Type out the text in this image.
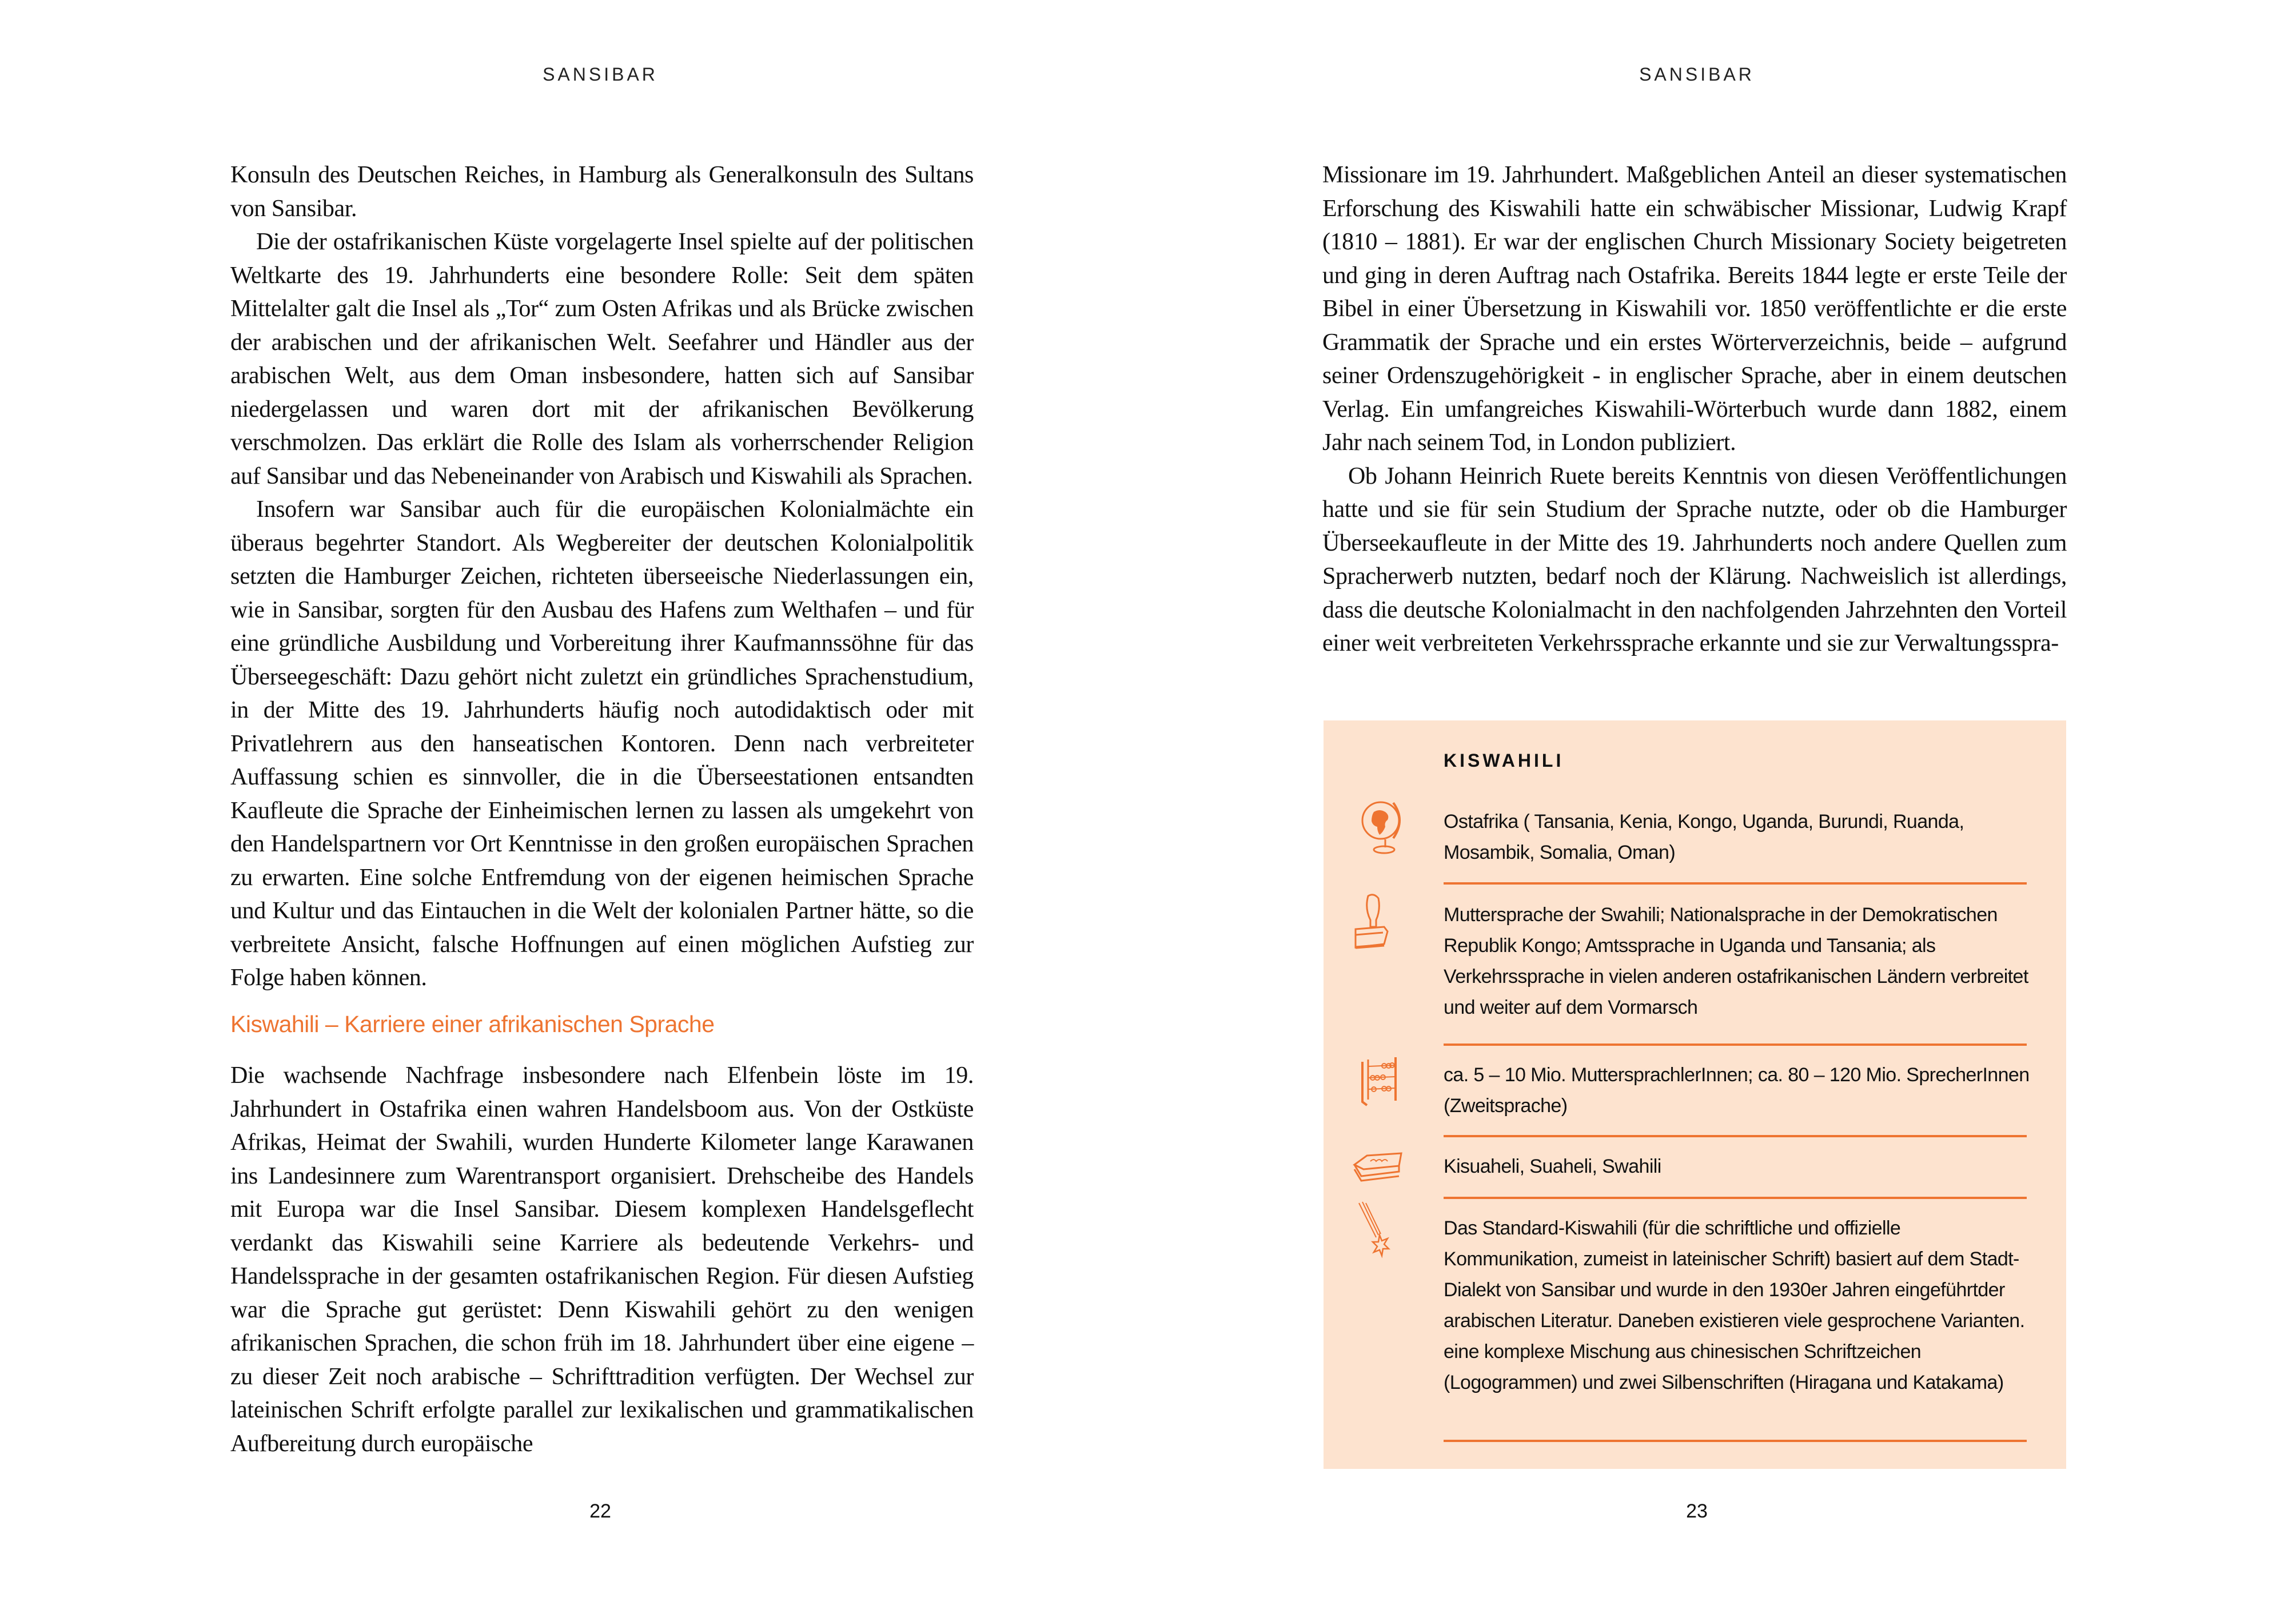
SANSIBAR

Konsuln des Deutschen Reiches, in Hamburg als Generalkonsuln des Sultans von Sansibar.

Die der ostafrikanischen Küste vorgelagerte Insel spielte auf der politischen Weltkarte des 19. Jahrhunderts eine besondere Rolle: Seit dem späten Mittelalter galt die Insel als „Tor“ zum Osten Afrikas und als Brücke zwischen der arabischen und der afrikanischen Welt. Seefahrer und Händler aus der arabischen Welt, aus dem Oman insbesondere, hatten sich auf Sansibar niedergelassen und waren dort mit der afrikanischen Bevölkerung verschmolzen. Das erklärt die Rolle des Islam als vorherrschender Religion auf Sansibar und das Nebeneinander von Arabisch und Kiswahili als Sprachen.

Insofern war Sansibar auch für die europäischen Kolonialmächte ein überaus begehrter Standort. Als Wegbereiter der deutschen Kolonialpolitik setzten die Hamburger Zeichen, richteten überseeische Niederlassungen ein, wie in Sansibar, sorgten für den Ausbau des Hafens zum Welthafen – und für eine gründliche Ausbildung und Vorbereitung ihrer Kaufmannssöhne für das Überseegeschäft: Dazu gehört nicht zuletzt ein gründliches Sprachenstudium, in der Mitte des 19. Jahrhunderts häufig noch autodidaktisch oder mit Privatlehrern aus den hanseatischen Kontoren. Denn nach verbreiteter Auffassung schien es sinnvoller, die in die Überseestationen entsandten Kaufleute die Sprache der Einheimischen lernen zu lassen als umgekehrt von den Handelspartnern vor Ort Kenntnisse in den großen europäischen Sprachen zu erwarten. Eine solche Entfremdung von der eigenen heimischen Sprache und Kultur und das Eintauchen in die Welt der kolonialen Partner hätte, so die verbreitete Ansicht, falsche Hoffnungen auf einen möglichen Aufstieg zur Folge haben können.

Kiswahili – Karriere einer afrikanischen Sprache

Die wachsende Nachfrage insbesondere nach Elfenbein löste im 19. Jahrhundert in Ostafrika einen wahren Handelsboom aus. Von der Ostküste Afrikas, Heimat der Swahili, wurden Hunderte Kilometer lange Karawanen ins Landesinnere zum Warentransport organisiert. Drehscheibe des Handels mit Europa war die Insel Sansibar. Diesem komplexen Handelsgeflecht verdankt das Kiswahili seine Karriere als bedeutende Verkehrs- und Handelssprache in der gesamten ostafrikanischen Region. Für diesen Aufstieg war die Sprache gut gerüstet: Denn Kiswahili gehört zu den wenigen afrikanischen Sprachen, die schon früh im 18. Jahrhundert über eine eigene – zu dieser Zeit noch arabische – Schrifttradition verfügten. Der Wechsel zur lateinischen Schrift erfolgte parallel zur lexikalischen und grammatikalischen Aufbereitung durch europäische

22
SANSIBAR

Missionare im 19. Jahrhundert. Maßgeblichen Anteil an dieser systematischen Erforschung des Kiswahili hatte ein schwäbischer Missionar, Ludwig Krapf (1810 – 1881). Er war der englischen Church Missionary Society beigetreten und ging in deren Auftrag nach Ostafrika. Bereits 1844 legte er erste Teile der Bibel in einer Übersetzung in Kiswahili vor. 1850 veröffentlichte er die erste Grammatik der Sprache und ein erstes Wörterverzeichnis, beide – aufgrund seiner Ordenszugehörigkeit - in englischer Sprache, aber in einem deutschen Verlag. Ein umfangreiches Kiswahili-Wörterbuch wurde dann 1882, einem Jahr nach seinem Tod, in London publiziert.

Ob Johann Heinrich Ruete bereits Kenntnis von diesen Veröffentlichungen hatte und sie für sein Studium der Sprache nutzte, oder ob die Hamburger Überseekaufleute in der Mitte des 19. Jahrhunderts noch andere Quellen zum Spracherwerb nutzten, bedarf noch der Klärung. Nachweislich ist allerdings, dass die deutsche Kolonialmacht in den nachfolgenden Jahrzehnten den Vorteil einer weit verbreiteten Verkehrssprache erkannte und sie zur Verwaltungsspra-

KISWAHILI
Ostafrika ( Tansania, Kenia, Kongo, Uganda, Burundi, Ruanda, Mosambik, Somalia, Oman)
Muttersprache der Swahili; Nationalsprache in der Demokratischen Republik Kongo; Amtssprache in Uganda und Tansania; als Verkehrssprache in vielen anderen ostafrikanischen Ländern verbreitet und weiter auf dem Vormarsch
ca. 5 – 10 Mio. MuttersprachlerInnen; ca. 80 – 120 Mio. SprecherInnen (Zweitsprache)
Kisuaheli, Suaheli, Swahili
Das Standard-Kiswahili (für die schriftliche und offizielle Kommunikation, zumeist in lateinischer Schrift) basiert auf dem Stadt-Dialekt von Sansibar und wurde in den 1930er Jahren eingeführtder arabischen Literatur. Daneben existieren viele gesprochene Varianten. eine komplexe Mischung aus chinesischen Schriftzeichen (Logogrammen) und zwei Silbenschriften (Hiragana und Katakama)
23
